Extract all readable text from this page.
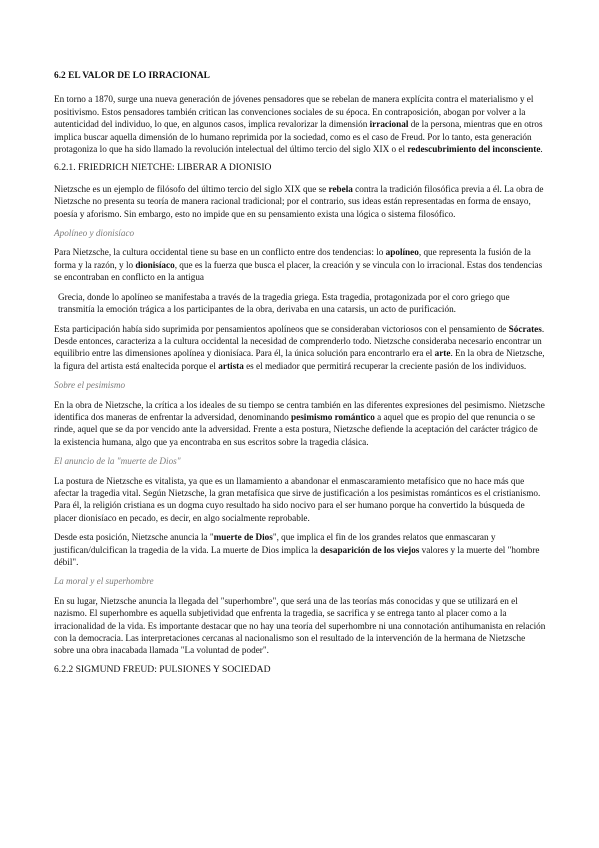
6.2 EL VALOR DE LO IRRACIONAL

En torno a 1870, surge una nueva generación de jóvenes pensadores que se rebelan de manera explícita contra el materialismo y el positivismo. Estos pensadores también critican las convenciones sociales de su época. En contraposición, abogan por volver a la autenticidad del individuo, lo que, en algunos casos, implica revalorizar la dimensión irracional de la persona, mientras que en otros implica buscar aquella dimensión de lo humano reprimida por la sociedad, como es el caso de Freud. Por lo tanto, esta generación protagoniza lo que ha sido llamado la revolución intelectual del último tercio del siglo XIX o el redescubrimiento del inconsciente.

6.2.1. FRIEDRICH NIETCHE: LIBERAR A DIONISIO

Nietzsche es un ejemplo de filósofo del último tercio del siglo XIX que se rebela contra la tradición filosófica previa a él. La obra de Nietzsche no presenta su teoría de manera racional tradicional; por el contrario, sus ideas están representadas en forma de ensayo, poesía y aforismo. Sin embargo, esto no impide que en su pensamiento exista una lógica o sistema filosófico.

Apolíneo y dionisíaco

Para Nietzsche, la cultura occidental tiene su base en un conflicto entre dos tendencias: lo apolíneo, que representa la fusión de la forma y la razón, y lo dionisíaco, que es la fuerza que busca el placer, la creación y se vincula con lo irracional. Estas dos tendencias se encontraban en conflicto en la antigua

Grecia, donde lo apolíneo se manifestaba a través de la tragedia griega. Esta tragedia, protagonizada por el coro griego que transmitía la emoción trágica a los participantes de la obra, derivaba en una catarsis, un acto de purificación.

Esta participación había sido suprimida por pensamientos apolíneos que se consideraban victoriosos con el pensamiento de Sócrates. Desde entonces, caracteriza a la cultura occidental la necesidad de comprenderlo todo. Nietzsche consideraba necesario encontrar un equilibrio entre las dimensiones apolínea y dionisíaca. Para él, la única solución para encontrarlo era el arte. En la obra de Nietzsche, la figura del artista está enaltecida porque el artista es el mediador que permitirá recuperar la creciente pasión de los individuos.

Sobre el pesimismo

En la obra de Nietzsche, la crítica a los ideales de su tiempo se centra también en las diferentes expresiones del pesimismo. Nietzsche identifica dos maneras de enfrentar la adversidad, denominando pesimismo romántico a aquel que es propio del que renuncia o se rinde, aquel que se da por vencido ante la adversidad. Frente a esta postura, Nietzsche defiende la aceptación del carácter trágico de la existencia humana, algo que ya encontraba en sus escritos sobre la tragedia clásica.

El anuncio de la "muerte de Dios"

La postura de Nietzsche es vitalista, ya que es un llamamiento a abandonar el enmascaramiento metafísico que no hace más que afectar la tragedia vital. Según Nietzsche, la gran metafísica que sirve de justificación a los pesimistas románticos es el cristianismo. Para él, la religión cristiana es un dogma cuyo resultado ha sido nocivo para el ser humano porque ha convertido la búsqueda de placer dionisíaco en pecado, es decir, en algo socialmente reprobable.

Desde esta posición, Nietzsche anuncia la "muerte de Dios", que implica el fin de los grandes relatos que enmascaran y justifican/dulcifican la tragedia de la vida. La muerte de Dios implica la desaparición de los viejos valores y la muerte del "hombre débil".

La moral y el superhombre

En su lugar, Nietzsche anuncia la llegada del "superhombre", que será una de las teorías más conocidas y que se utilizará en el nazismo. El superhombre es aquella subjetividad que enfrenta la tragedia, se sacrifica y se entrega tanto al placer como a la irracionalidad de la vida. Es importante destacar que no hay una teoría del superhombre ni una connotación antihumanista en relación con la democracia. Las interpretaciones cercanas al nacionalismo son el resultado de la intervención de la hermana de Nietzsche sobre una obra inacabada llamada "La voluntad de poder".

6.2.2 SIGMUND FREUD: PULSIONES Y SOCIEDAD
